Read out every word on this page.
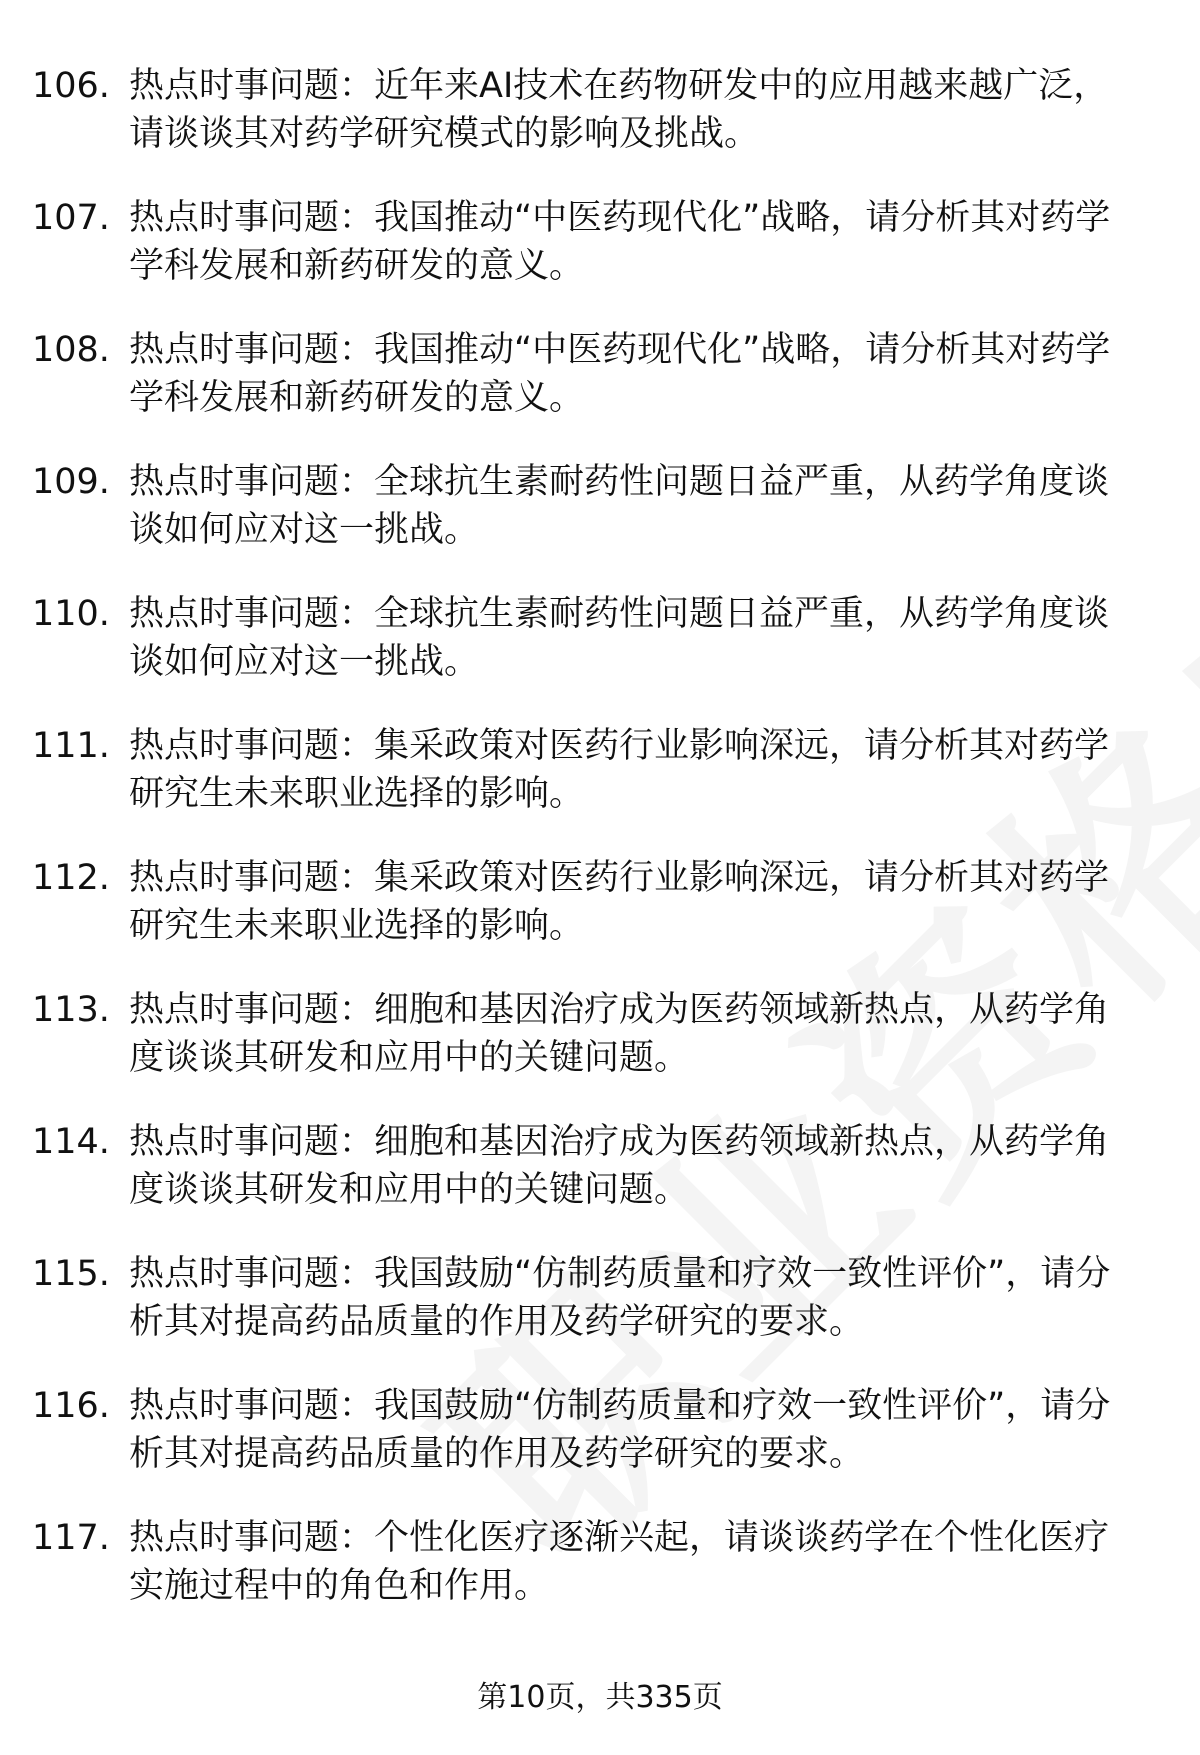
106. 热点时事问题：近年来AI技术在药物研发中的应用越来越广泛，请谈谈其对药学研究模式的影响及挑战。
107. 热点时事问题：我国推动“中医药现代化”战略，请分析其对药学学科发展和新药研发的意义。
108. 热点时事问题：我国推动“中医药现代化”战略，请分析其对药学学科发展和新药研发的意义。
109. 热点时事问题：全球抗生素耐药性问题日益严重，从药学角度谈谈如何应对这一挑战。
110. 热点时事问题：全球抗生素耐药性问题日益严重，从药学角度谈谈如何应对这一挑战。
111. 热点时事问题：集采政策对医药行业影响深远，请分析其对药学研究生未来职业选择的影响。
112. 热点时事问题：集采政策对医药行业影响深远，请分析其对药学研究生未来职业选择的影响。
113. 热点时事问题：细胞和基因治疗成为医药领域新热点，从药学角度谈谈其研发和应用中的关键问题。
114. 热点时事问题：细胞和基因治疗成为医药领域新热点，从药学角度谈谈其研发和应用中的关键问题。
115. 热点时事问题：我国鼓励“仿制药质量和疗效一致性评价”，请分析其对提高药品质量的作用及药学研究的要求。
116. 热点时事问题：我国鼓励“仿制药质量和疗效一致性评价”，请分析其对提高药品质量的作用及药学研究的要求。
117. 热点时事问题：个性化医疗逐渐兴起，请谈谈药学在个性化医疗实施过程中的角色和作用。
第10页，共335页
